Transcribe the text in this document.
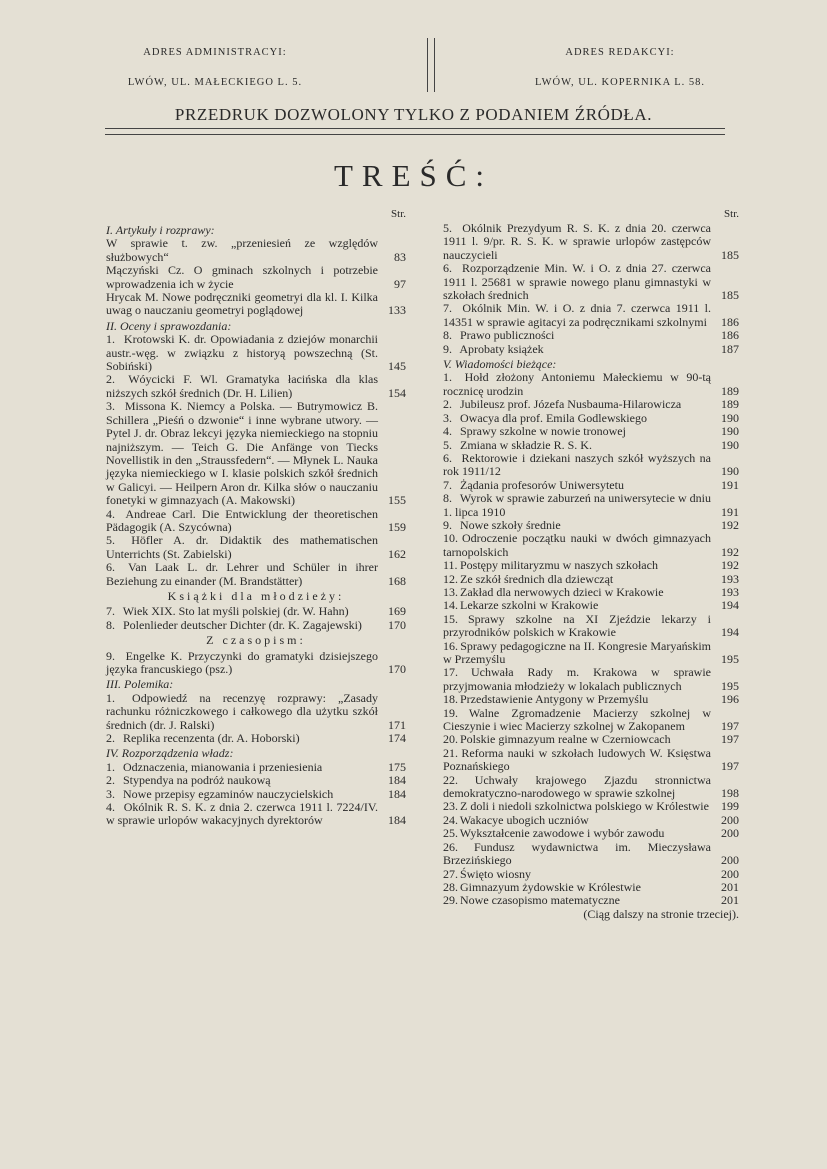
ADRES ADMINISTRACYI:
LWÓW, UL. MAŁECKIEGO L. 5.
ADRES REDAKCYI:
LWÓW, UL. KOPERNIKA L. 58.
PRZEDRUK DOZWOLONY TYLKO Z PODANIEM ŹRÓDŁA.
TREŚĆ:
Str.
I. Artykuły i rozprawy:
W sprawie t. zw. „przeniesień ze względów służbowych“	83
Mączyński Cz. O gminach szkolnych i potrzebie wprowadzenia ich w życie	97
Hrycak M. Nowe podręczniki geometryi dla kl. I. Kilka uwag o nauczaniu geometryi poglądowej	133
II. Oceny i sprawozdania:
1. Krotowski K. dr. Opowiadania z dziejów monarchii austr.-węg. w związku z historyą powszechną (St. Sobiński)	145
2. Wóycicki F. Wl. Gramatyka łacińska dla klas niższych szkół średnich (Dr. H. Lilien)	154
3. Missona K. Niemcy a Polska. — Butrymowicz B. Schillera „Pieśń o dzwonie“ i inne wybrane utwory. — Pytel J. dr. Obraz lekcyi języka niemieckiego na stopniu najniższym. — Teich G. Die Anfänge von Tiecks Novellistik in den „Straussfedern“. — Młynek L. Nauka języka niemieckiego w I. klasie polskich szkół średnich w Galicyi. — Heilpern Aron dr. Kilka słów o nauczaniu fonetyki w gimnazyach (A. Makowski)	155
4. Andreae Carl. Die Entwicklung der theoretischen Pädagogik (A. Szycówna)	159
5. Höfler A. dr. Didaktik des mathematischen Unterrichts (St. Zabielski)	162
6. Van Laak L. dr. Lehrer und Schüler in ihrer Beziehung zu einander (M. Brandstätter)	168
Książki dla młodzieży:
7. Wiek XIX. Sto lat myśli polskiej (dr. W. Hahn)	169
8. Polenlieder deutscher Dichter (dr. K. Zagajewski)	170
Z czasopism:
9. Engelke K. Przyczynki do gramatyki dzisiejszego języka francuskiego (psz.)	170
III. Polemika:
1. Odpowiedź na recenzyę rozprawy: „Zasady rachunku różniczkowego i całkowego dla użytku szkół średnich (dr. J. Ralski)	171
2. Replika recenzenta (dr. A. Hoborski)	174
IV. Rozporządzenia władz:
1. Odznaczenia, mianowania i przeniesienia	175
2. Stypendya na podróż naukową	184
3. Nowe przepisy egzaminów nauczycielskich	184
4. Okólnik R. S. K. z dnia 2. czerwca 1911 l. 7224/IV. w sprawie urlopów wakacyjnych dyrektorów	184
Str.
5. Okólnik Prezydyum R. S. K. z dnia 20. czerwca 1911 l. 9/pr. R. S. K. w sprawie urlopów zastępców nauczycieli	185
6. Rozporządzenie Min. W. i O. z dnia 27. czerwca 1911 l. 25681 w sprawie nowego planu gimnastyki w szkołach średnich	185
7. Okólnik Min. W. i O. z dnia 7. czerwca 1911 l. 14351 w sprawie agitacyi za podręcznikami szkolnymi	186
8. Prawo publiczności	186
9. Aprobaty książek	187
V. Wiadomości bieżące:
1. Hołd złożony Antoniemu Małeckiemu w 90-tą rocznicę urodzin	189
2. Jubileusz prof. Józefa Nusbauma-Hilarowicza	189
3. Owacya dla prof. Emila Godlewskiego	190
4. Sprawy szkolne w nowie tronowej	190
5. Zmiana w składzie R. S. K.	190
6. Rektorowie i dziekani naszych szkół wyższych na rok 1911/12	190
7. Żądania profesorów Uniwersytetu	191
8. Wyrok w sprawie zaburzeń na uniwersytecie w dniu 1. lipca 1910	191
9. Nowe szkoły średnie	192
10. Odroczenie początku nauki w dwóch gimnazyach tarnopolskich	192
11. Postępy militaryzmu w naszych szkołach	192
12. Ze szkół średnich dla dziewcząt	193
13. Zakład dla nerwowych dzieci w Krakowie	193
14. Lekarze szkolni w Krakowie	194
15. Sprawy szkolne na XI Zjeździe lekarzy i przyrodników polskich w Krakowie	194
16. Sprawy pedagogiczne na II. Kongresie Maryańskim w Przemyślu	195
17. Uchwała Rady m. Krakowa w sprawie przyjmowania młodzieży w lokalach publicznych	195
18. Przedstawienie Antygony w Przemyślu	196
19. Walne Zgromadzenie Macierzy szkolnej w Cieszynie i wiec Macierzy szkolnej w Zakopanem	197
20. Polskie gimnazyum realne w Czerniowcach	197
21. Reforma nauki w szkołach ludowych W. Księstwa Poznańskiego	197
22. Uchwały krajowego Zjazdu stronnictwa demokratyczno-narodowego w sprawie szkolnej	198
23. Z doli i niedoli szkolnictwa polskiego w Królestwie	199
24. Wakacye ubogich uczniów	200
25. Wykształcenie zawodowe i wybór zawodu	200
26. Fundusz wydawnictwa im. Mieczysława Brzezińskiego	200
27. Święto wiosny	200
28. Gimnazyum żydowskie w Królestwie	201
29. Nowe czasopismo matematyczne	201
(Ciąg dalszy na stronie trzeciej).
